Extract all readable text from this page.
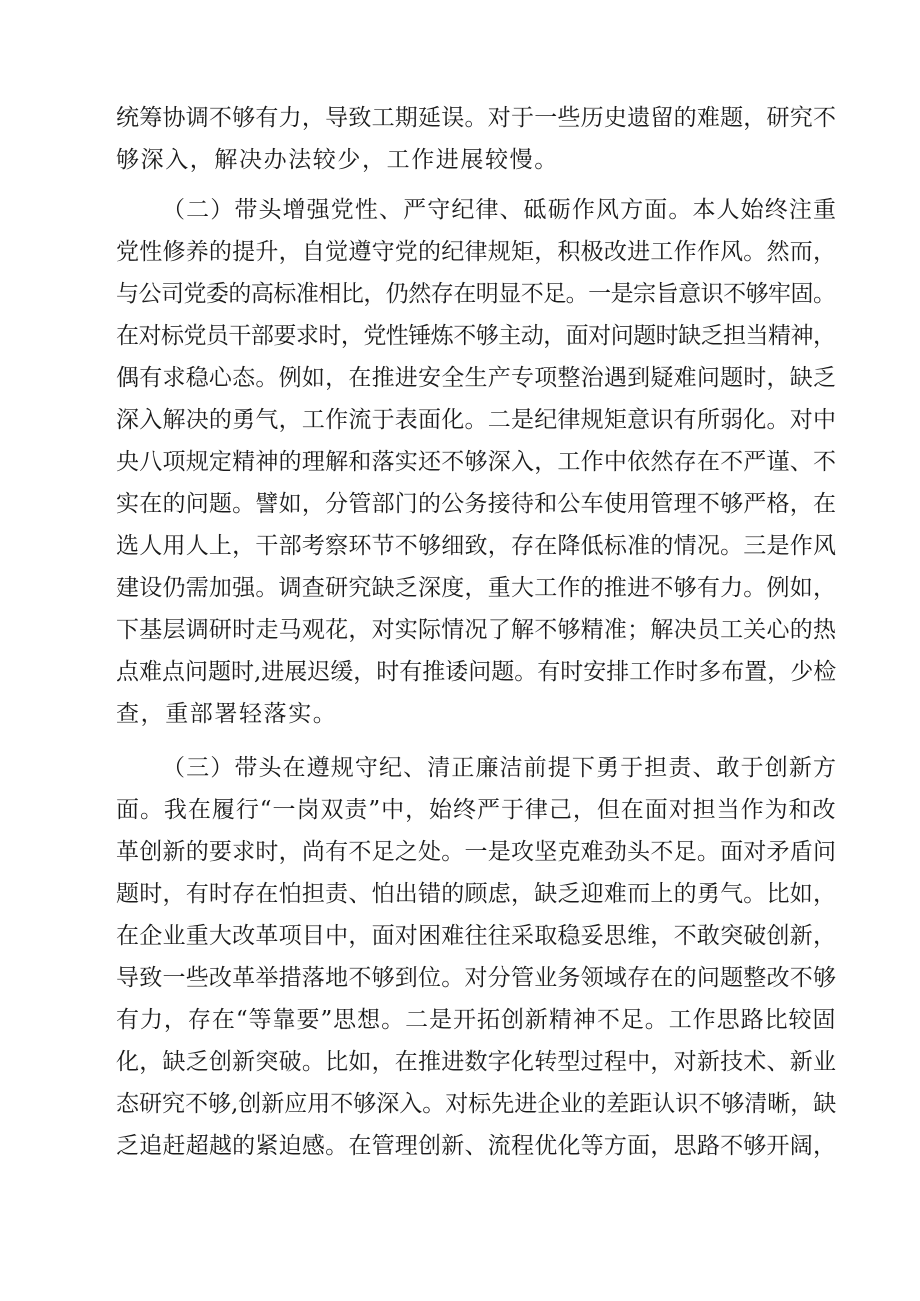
统筹协调不够有力，导致工期延误。对于一些历史遗留的难题，研究不
够深入，解决办法较少，工作进展较慢。
（二）带头增强党性、严守纪律、砥砺作风方面。本人始终注重
党性修养的提升，自觉遵守党的纪律规矩，积极改进工作作风。然而，
与公司党委的高标准相比，仍然存在明显不足。一是宗旨意识不够牢固。
在对标党员干部要求时，党性锤炼不够主动，面对问题时缺乏担当精神，
偶有求稳心态。例如，在推进安全生产专项整治遇到疑难问题时，缺乏
深入解决的勇气，工作流于表面化。二是纪律规矩意识有所弱化。对中
央八项规定精神的理解和落实还不够深入，工作中依然存在不严谨、不
实在的问题。譬如，分管部门的公务接待和公车使用管理不够严格，在
选人用人上，干部考察环节不够细致，存在降低标准的情况。三是作风
建设仍需加强。调查研究缺乏深度，重大工作的推进不够有力。例如，
下基层调研时走马观花，对实际情况了解不够精准；解决员工关心的热
点难点问题时,进展迟缓，时有推诿问题。有时安排工作时多布置，少检
查，重部署轻落实。
（三）带头在遵规守纪、清正廉洁前提下勇于担责、敢于创新方
面。我在履行“一岗双责”中，始终严于律己，但在面对担当作为和改
革创新的要求时，尚有不足之处。一是攻坚克难劲头不足。面对矛盾问
题时，有时存在怕担责、怕出错的顾虑，缺乏迎难而上的勇气。比如，
在企业重大改革项目中，面对困难往往采取稳妥思维，不敢突破创新，
导致一些改革举措落地不够到位。对分管业务领域存在的问题整改不够
有力，存在“等靠要”思想。二是开拓创新精神不足。工作思路比较固
化，缺乏创新突破。比如，在推进数字化转型过程中，对新技术、新业
态研究不够,创新应用不够深入。对标先进企业的差距认识不够清晰，缺
乏追赶超越的紧迫感。在管理创新、流程优化等方面，思路不够开阔，
